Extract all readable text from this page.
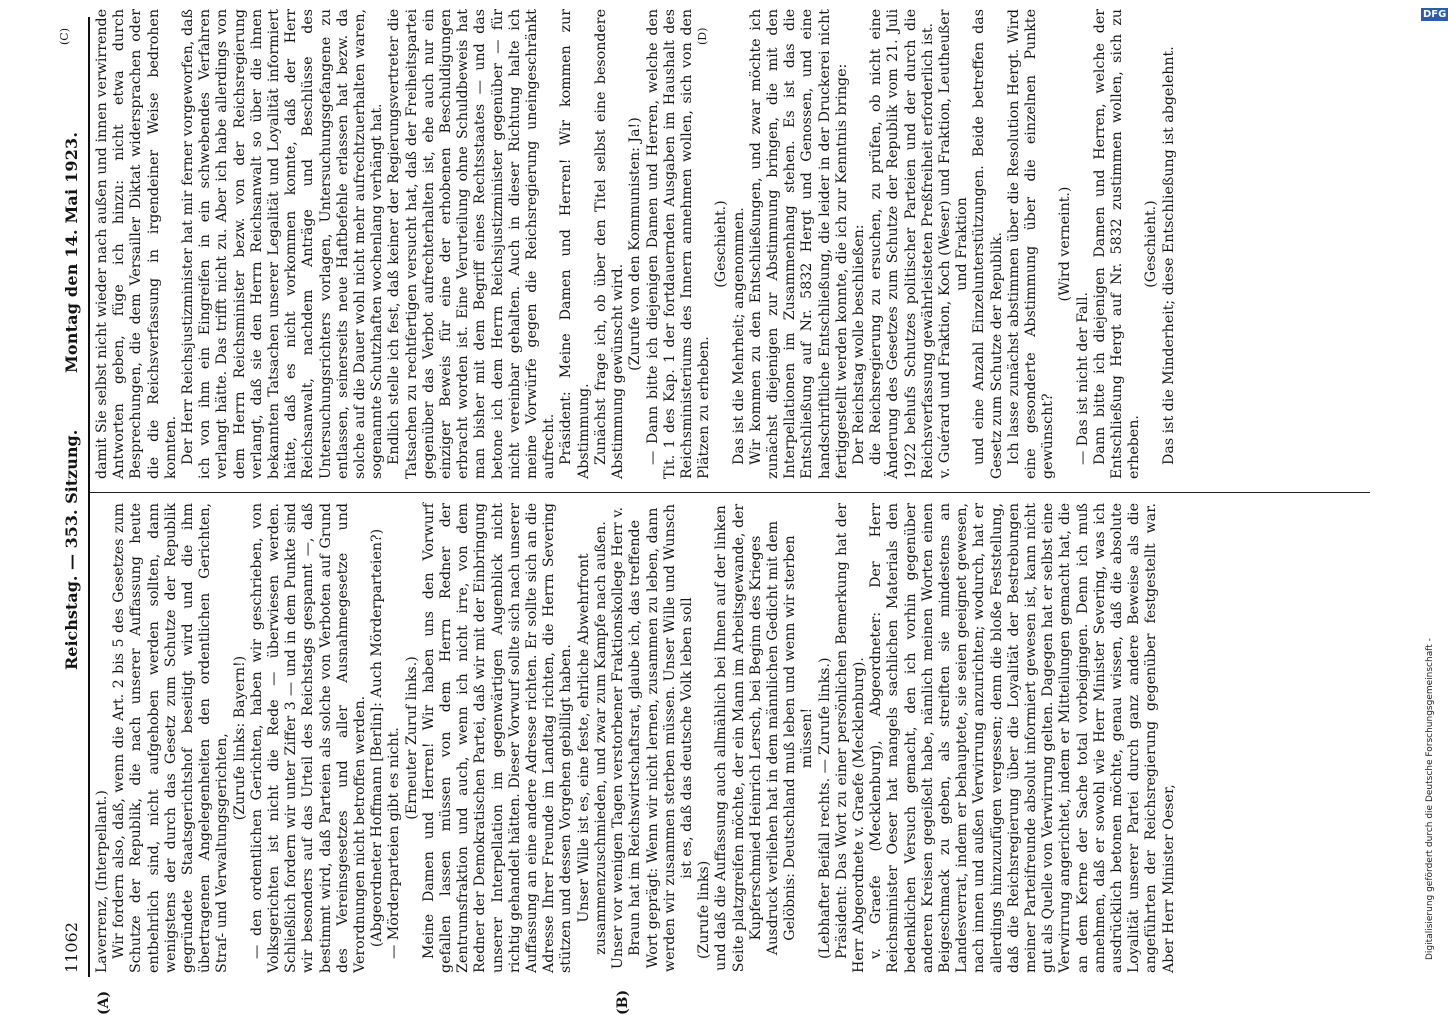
11062
Reichstag. — 353. Sitzung.
Montag den 14. Mai 1923.

Laverrenz, (Interpellant.) Wir fordern also, daß, wenn die Art. 2 bis 5 des Gesetzes zum Schutze der Republik, die nach unserer Auffassung heute entbehrlich sind, nicht aufgehoben werden sollten, dann wenigstens der durch das Gesetz zum Schutze der Republik gegründete Staatsgerichtshof beseitigt wird und die ihm übertragenen Angelegenheiten den ordentlichen Gerichten, Straf- und Verwaltungsgerichten, (Zurufe links: Bayern!) — den ordentlichen Gerichten, haben wir geschrieben, von Volksgerichten ist nicht die Rede — überwiesen werden. Schließlich fordern wir unter Ziffer 3 — und in dem Punkte sind wir besonders auf das Urteil des Reichstags gespannt —, daß bestimmt wird, daß Parteien als solche von Verboten auf Grund des Vereinsgesetzes und aller Ausnahmegesetze und Verordnungen nicht betroffen werden. (Abgeordneter Hoffmann [Berlin]: Auch Mörderparteien?) — Mörderparteien gibt es nicht. (Erneuter Zuruf links.) Meine Damen und Herren! Wir haben uns den Vorwurf gefallen lassen müssen von dem Herrn Redner der Zentrumsfraktion und auch, wenn ich nicht irre, von dem Redner der Demokratischen Partei, daß wir mit der Einbringung unserer Interpellation im gegenwärtigen Augenblick nicht richtig gehandelt hätten. Dieser Vorwurf sollte sich nach unserer Auffassung an eine andere Adresse richten. Er sollte sich an die Adresse Ihrer Freunde im Landtag richten, die Herrn Severing stützen und dessen Vorgehen gebilligt haben. Unser Wille ist es, eine feste, ehrliche Abwehrfront zusammenzuschmieden, und zwar zum Kampfe nach außen. Unser vor wenigen Tagen verstorbener Fraktionskollege Herr v. Braun hat im Reichswirtschaftsrat, glaube ich, das treffende Wort geprägt: Wenn wir nicht lernen, zusammen zu leben, dann werden wir zusammen sterben müssen. Unser Wille und Wunsch ist es, daß das deutsche Volk leben soll

(Zurufe links) und daß die Auffassung auch allmählich bei Ihnen auf der linken Seite platzgreifen möchte, der ein Mann im Arbeitsgewande, der Kupferschmied Heinrich Lersch, bei Beginn des Krieges Ausdruck verliehen hat in dem männlichen Gedicht mit dem Gelöbnis: Deutschland muß leben und wenn wir sterben müssen! (Lebhafter Beifall rechts. — Zurufe links.) Präsident: Das Wort zu einer persönlichen Bemerkung hat der Herr Abgeordnete v. Graefe (Mecklenburg). v. Graefe (Mecklenburg), Abgeordneter: Der Herr Reichsminister Oeser hat mangels sachlichen Materials den bedenklichen Versuch gemacht, den ich vorhin gegenüber anderen Kreisen gegeißelt habe, nämlich meinen Worten einen Beigeschmack zu geben, als streiften sie mindestens an Landesverrat, indem er behauptete, sie seien geeignet gewesen, nach innen und außen Verwirrung anzurichten; wodurch, hat er allerdings hinzuzufügen vergessen; denn die bloße Feststellung, daß die Reichsregierung über die Loyalität der Bestrebungen meiner Parteifreunde absolut informiert gewesen ist, kann nicht gut als Quelle von Verwirrung gelten. Dagegen hat er selbst eine Verwirrung angerichtet, indem er Mitteilungen gemacht hat, die an dem Kerne der Sache total vorbeigingen. Denn ich muß annehmen, daß er sowohl wie Herr Minister Severing, was ich ausdrücklich betonen möchte, genau wissen, daß die absolute Loyalität unserer Partei durch ganz andere Beweise als die angeführten der Reichsregierung gegenüber festgestellt war. Aber Herr Minister Oeser,

damit Sie selbst nicht wieder nach außen und innen verwirrende Antworten geben, füge ich hinzu: nicht etwa durch Besprechungen, die dem Versailler Diktat widersprachen oder die die Reichsverfassung in irgendeiner Weise bedrohen konnten. Der Herr Reichsjustizminister hat mir ferner vorgeworfen, daß ich von ihm ein Eingreifen in ein schwebendes Verfahren verlangt hätte. Das trifft nicht zu. Aber ich habe allerdings von dem Herrn Reichsminister bezw. von der Reichsregierung verlangt, daß sie den Herrn Reichsanwalt so über die ihnen bekannten Tatsachen unserer Legalität und Loyalität informiert hätte, daß es nicht vorkommen konnte, daß der Herr Reichsanwalt, nachdem Anträge und Beschlüsse des Untersuchungsrichters vorlagen, Untersuchungsgefangene zu entlassen, seinerseits neue Haftbefehle erlassen hat bezw. da solche auf die Dauer wohl nicht mehr aufrechtzuerhalten waren, sogenannte Schutzhaften wochenlang verhängt hat. Endlich stelle ich fest, daß keiner der Regierungsvertreter die Tatsachen zu rechtfertigen versucht hat, daß der Freiheitspartei gegenüber das Verbot aufrechterhalten ist, ehe auch nur ein einziger Beweis für eine der erhobenen Beschuldigungen erbracht worden ist. Eine Verurteilung ohne Schuldbeweis hat man bisher mit dem Begriff eines Rechtsstaates — und das betone ich dem Herrn Reichsjustizminister gegenüber — für nicht vereinbar gehalten. Auch in dieser Richtung halte ich meine Vorwürfe gegen die Reichsregierung uneingeschränkt aufrecht. Präsident: Meine Damen und Herren! Wir kommen zur Abstimmung. Zunächst frage ich, ob über den Titel selbst eine besondere Abstimmung gewünscht wird.

(Zurufe von den Kommunisten: Ja!) — Dann bitte ich diejenigen Damen und Herren, welche den Tit. 1 des Kap. 1 der fortdauernden Ausgaben im Haushalt des Reichsministeriums des Innern annehmen wollen, sich von den Plätzen zu erheben.

(Geschieht.) Das ist die Mehrheit; angenommen. Wir kommen zu den Entschließungen, und zwar möchte ich zunächst diejenigen zur Abstimmung bringen, die mit den Interpellationen im Zusammenhang stehen. Es ist das die Entschließung auf Nr. 5832 Hergt und Genossen, und eine handschriftliche Entschließung, die leider in der Druckerei nicht fertiggestellt werden konnte, die ich zur Kenntnis bringe: Der Reichstag wolle beschließen: die Reichsregierung zu ersuchen, zu prüfen, ob nicht eine Änderung des Gesetzes zum Schutze der Republik vom 21. Juli 1922 behufs Schutzes politischer Parteien und der durch die Reichsverfassung gewährleisteten Preßfreiheit erforderlich ist. v. Guérard und Fraktion, Koch (Weser) und Fraktion, Leutheußer und Fraktion und eine Anzahl Einzelunterstützungen. Beide betreffen das Gesetz zum Schutze der Republik. Ich lasse zunächst abstimmen über die Resolution Hergt. Wird eine gesonderte Abstimmung über die einzelnen Punkte gewünscht?

(Wird verneint.)

— Das ist nicht der Fall. Dann bitte ich diejenigen Damen und Herren, welche der Entschließung Hergt auf Nr. 5832 zustimmen wollen, sich zu erheben.

(Geschieht.) Das ist die Minderheit; diese Entschließung ist abgelehnt.

(A)	(B)
(C)	(D)
Digitalisierung gefördert durch die Deutsche Forschungsgemeinschaft -
DFG
